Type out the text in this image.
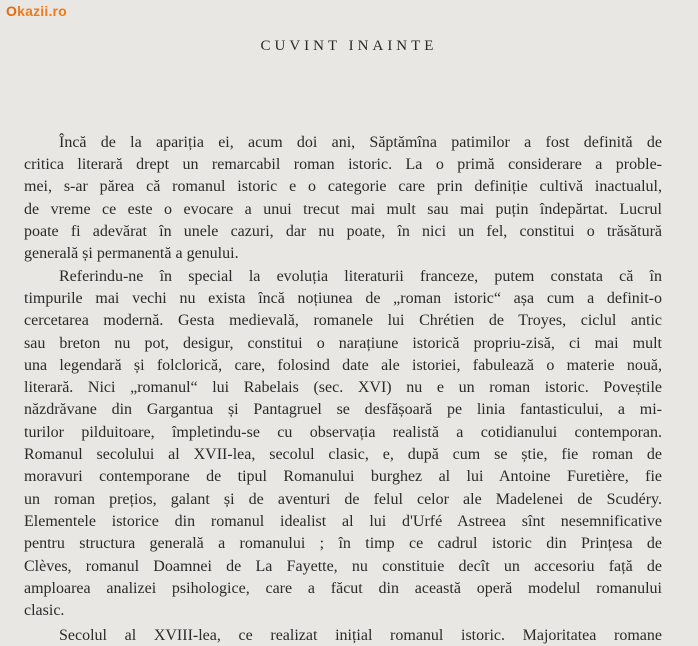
Okazii.ro
CUVINT INAINTE
Încă de la apariția ei, acum doi ani, Săptămîna patimilor a fost definită de
critica literară drept un remarcabil roman istoric. La o primă considerare a proble-
mei, s-ar părea că romanul istoric e o categorie care prin definiție cultivă inactualul,
de vreme ce este o evocare a unui trecut mai mult sau mai puțin îndepărtat. Lucrul
poate fi adevărat în unele cazuri, dar nu poate, în nici un fel, constitui o trăsătură
generală și permanentă a genului.
Referindu-ne în special la evoluția literaturii franceze, putem constata că în
timpurile mai vechi nu exista încă noțiunea de „roman istoric“ așa cum a definit-o
cercetarea modernă. Gesta medievală, romanele lui Chrétien de Troyes, ciclul antic
sau breton nu pot, desigur, constitui o narațiune istorică propriu-zisă, ci mai mult
una legendară și folclorică, care, folosind date ale istoriei, fabulează o materie nouă,
literară. Nici „romanul“ lui Rabelais (sec. XVI) nu e un roman istoric. Poveștile
năzdrăvane din Gargantua și Pantagruel se desfășoară pe linia fantasticului, a mi-
turilor pilduitoare, împletindu-se cu observația realistă a cotidianului contemporan.
Romanul secolului al XVII-lea, secolul clasic, e, după cum se știe, fie roman de
moravuri contemporane de tipul Romanului burghez al lui Antoine Furetière, fie
un roman prețios, galant și de aventuri de felul celor ale Madelenei de Scudéry.
Elementele istorice din romanul idealist al lui d'Urfé Astreea sînt nesemnificative
pentru structura generală a romanului ; în timp ce cadrul istoric din Prințesa de
Clèves, romanul Doamnei de La Fayette, nu constituie decît un accesoriu față de
amploarea analizei psihologice, care a făcut din această operă modelul romanului
clasic.
Secolul al XVIII-lea, ce realizat inițial romanul istoric. Majoritatea romane
